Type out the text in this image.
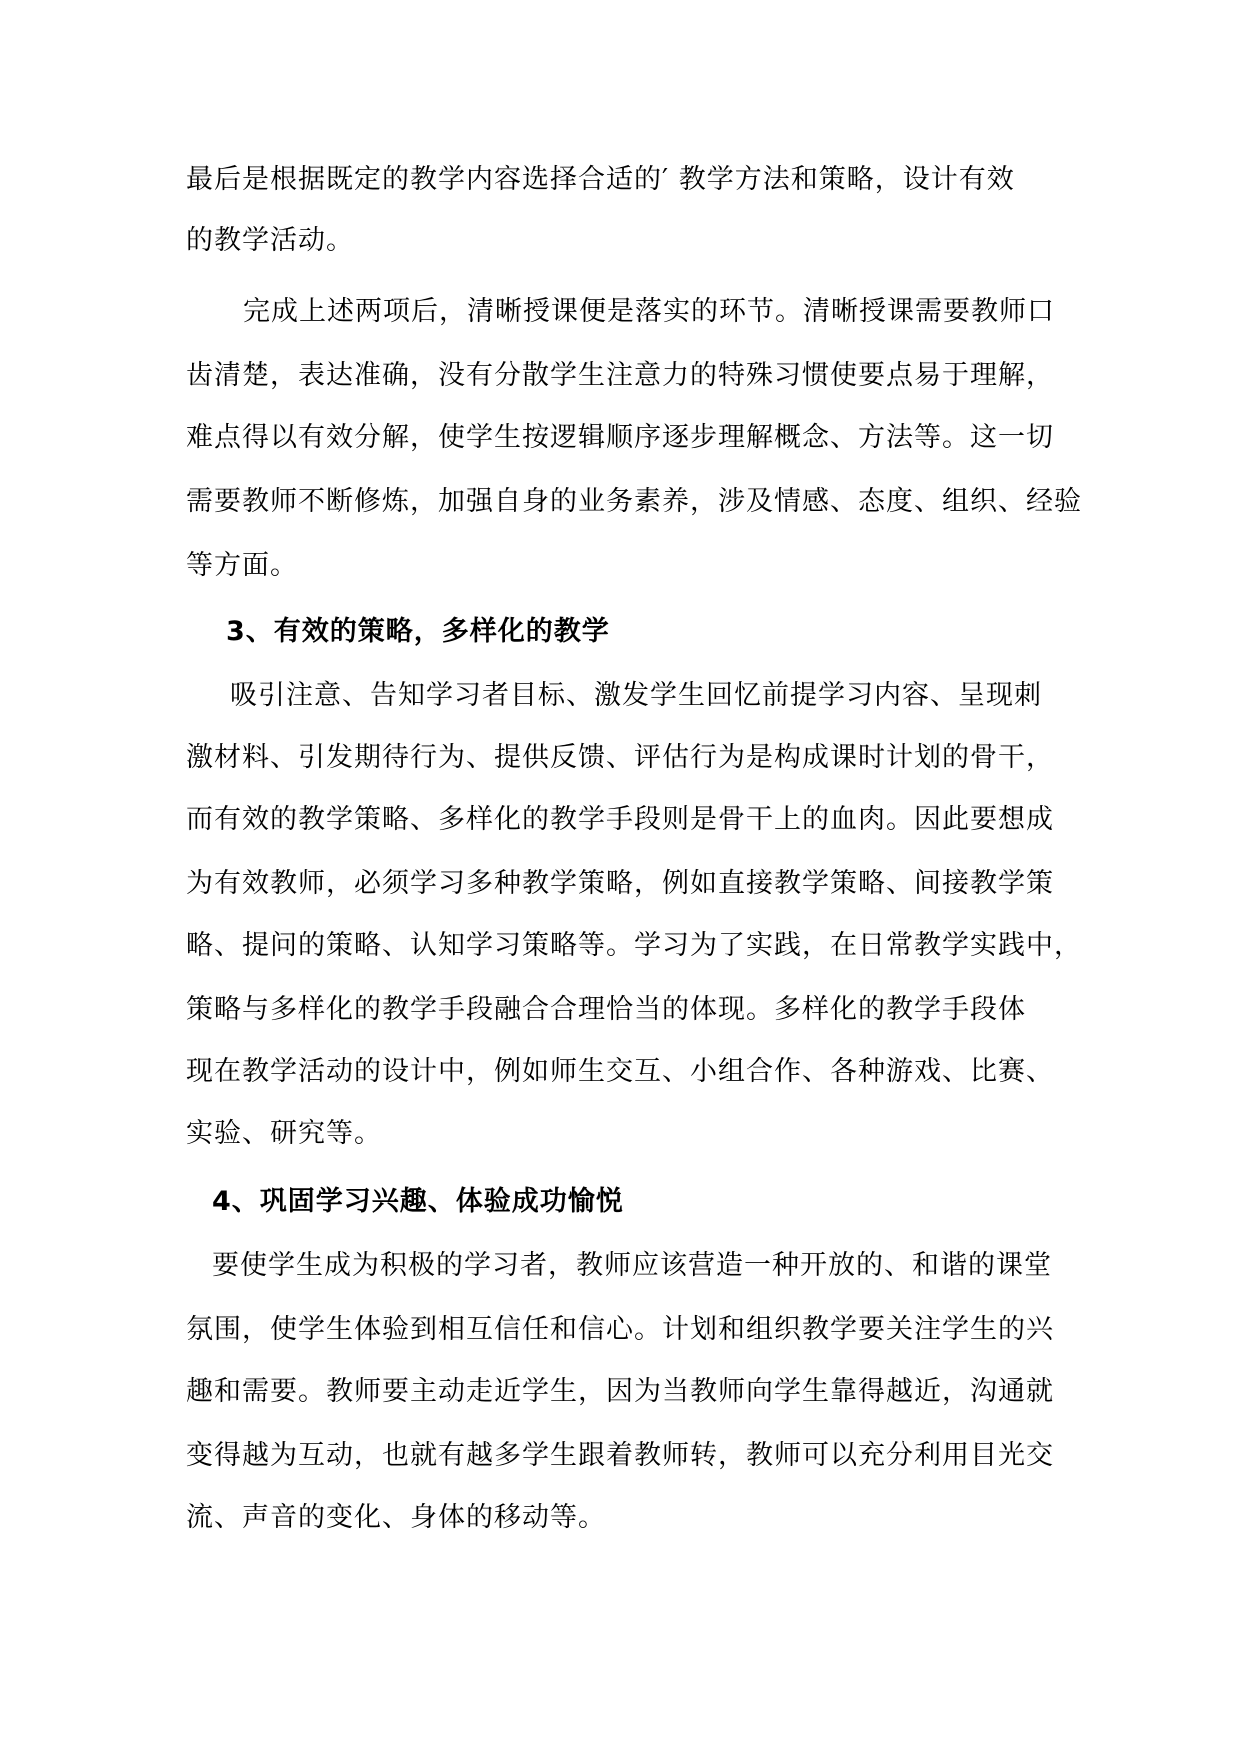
最后是根据既定的教学内容选择合适的′ 教学方法和策略，设计有效

的教学活动。

完成上述两项后，清晰授课便是落实的环节。清晰授课需要教师口

齿清楚，表达准确，没有分散学生注意力的特殊习惯使要点易于理解，

难点得以有效分解，使学生按逻辑顺序逐步理解概念、方法等。这一切

需要教师不断修炼，加强自身的业务素养，涉及情感、态度、组织、经验

等方面。

3、有效的策略，多样化的教学

吸引注意、告知学习者目标、激发学生回忆前提学习内容、呈现刺

激材料、引发期待行为、提供反馈、评估行为是构成课时计划的骨干，

而有效的教学策略、多样化的教学手段则是骨干上的血肉。因此要想成

为有效教师，必须学习多种教学策略，例如直接教学策略、间接教学策

略、提问的策略、认知学习策略等。学习为了实践，在日常教学实践中，

策略与多样化的教学手段融合合理恰当的体现。多样化的教学手段体

现在教学活动的设计中，例如师生交互、小组合作、各种游戏、比赛、

实验、研究等。

4、巩固学习兴趣、体验成功愉悦

要使学生成为积极的学习者，教师应该营造一种开放的、和谐的课堂

氛围，使学生体验到相互信任和信心。计划和组织教学要关注学生的兴

趣和需要。教师要主动走近学生，因为当教师向学生靠得越近，沟通就

变得越为互动，也就有越多学生跟着教师转，教师可以充分利用目光交

流、声音的变化、身体的移动等。
